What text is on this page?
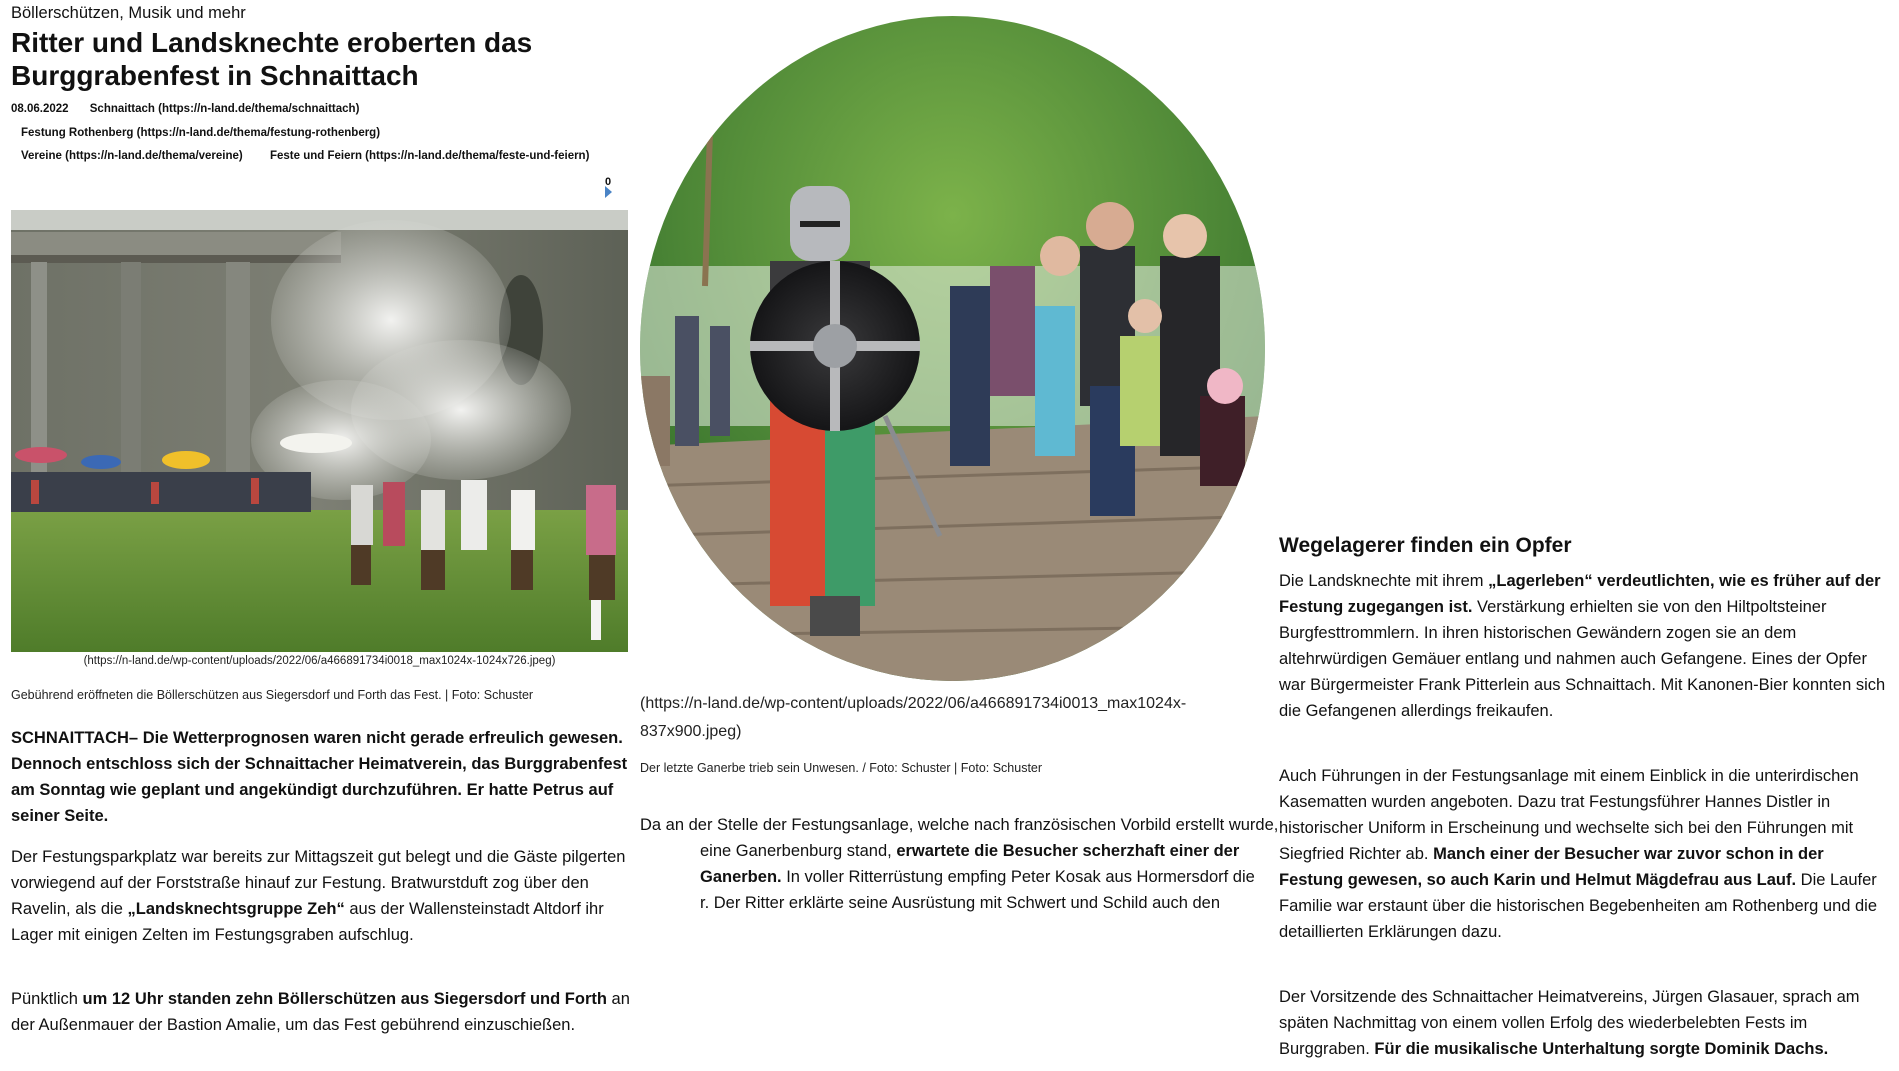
Böllerschützen, Musik und mehr
Ritter und Landsknechte eroberten das Burggrabenfest in Schnaittach
08.06.2022 Schnaittach (https://n-land.de/thema/schnaittach)
Festung Rothenberg (https://n-land.de/thema/festung-rothenberg)
Vereine (https://n-land.de/thema/vereine) Feste und Feiern (https://n-land.de/thema/feste-und-feiern)
0
(https://n-land.de/wp-content/uploads/2022/06/a466891734i0018_max1024x-1024x726.jpeg)
Gebührend eröffneten die Böllerschützen aus Siegersdorf und Forth das Fest. | Foto: Schuster

SCHNAITTACH– Die Wetterprognosen waren nicht gerade erfreulich gewesen. Dennoch entschloss sich der Schnaittacher Heimatverein, das Burggrabenfest am Sonntag wie geplant und angekündigt durchzuführen. Er hatte Petrus auf seiner Seite.

Der Festungsparkplatz war bereits zur Mittagszeit gut belegt und die Gäste pilgerten vorwiegend auf der Forststraße hinauf zur Festung. Bratwurstduft zog über den Ravelin, als die „Landsknechtsgruppe Zeh“ aus der Wallensteinstadt Altdorf ihr Lager mit einigen Zelten im Festungsgraben aufschlug.

Pünktlich um 12 Uhr standen zehn Böllerschützen aus Siegersdorf und Forth an der Außenmauer der Bastion Amalie, um das Fest gebührend einzuschießen.

(https://n-land.de/wp-content/uploads/2022/06/a466891734i0013_max1024x-837x900.jpeg)
Der letzte Ganerbe trieb sein Unwesen. / Foto: Schuster | Foto: Schuster
Da an der Stelle der Festungsanlage, welche nach französischen Vorbild erstellt wurde,
eine Ganerbenburg stand, erwartete die Besucher scherzhaft einer der
Ganerben. In voller Ritterrüstung empfing Peter Kosak aus Hormersdorf die
r. Der Ritter erklärte seine Ausrüstung mit Schwert und Schild auch den
Wegelagerer finden ein Opfer

Die Landsknechte mit ihrem „Lagerleben“ verdeutlichten, wie es früher auf der Festung zugegangen ist. Verstärkung erhielten sie von den Hiltpoltsteiner Burgfesttrommlern. In ihren historischen Gewändern zogen sie an dem altehrwürdigen Gemäuer entlang und nahmen auch Gefangene. Eines der Opfer war Bürgermeister Frank Pitterlein aus Schnaittach. Mit Kanonen-Bier konnten sich die Gefangenen allerdings freikaufen.

Auch Führungen in der Festungsanlage mit einem Einblick in die unterirdischen Kasematten wurden angeboten. Dazu trat Festungsführer Hannes Distler in historischer Uniform in Erscheinung und wechselte sich bei den Führungen mit Siegfried Richter ab. Manch einer der Besucher war zuvor schon in der Festung gewesen, so auch Karin und Helmut Mägdefrau aus Lauf. Die Laufer Familie war erstaunt über die historischen Begebenheiten am Rothenberg und die detaillierten Erklärungen dazu.

Der Vorsitzende des Schnaittacher Heimatvereins, Jürgen Glasauer, sprach am späten Nachmittag von einem vollen Erfolg des wiederbelebten Fests im Burggraben. Für die musikalische Unterhaltung sorgte Dominik Dachs.
